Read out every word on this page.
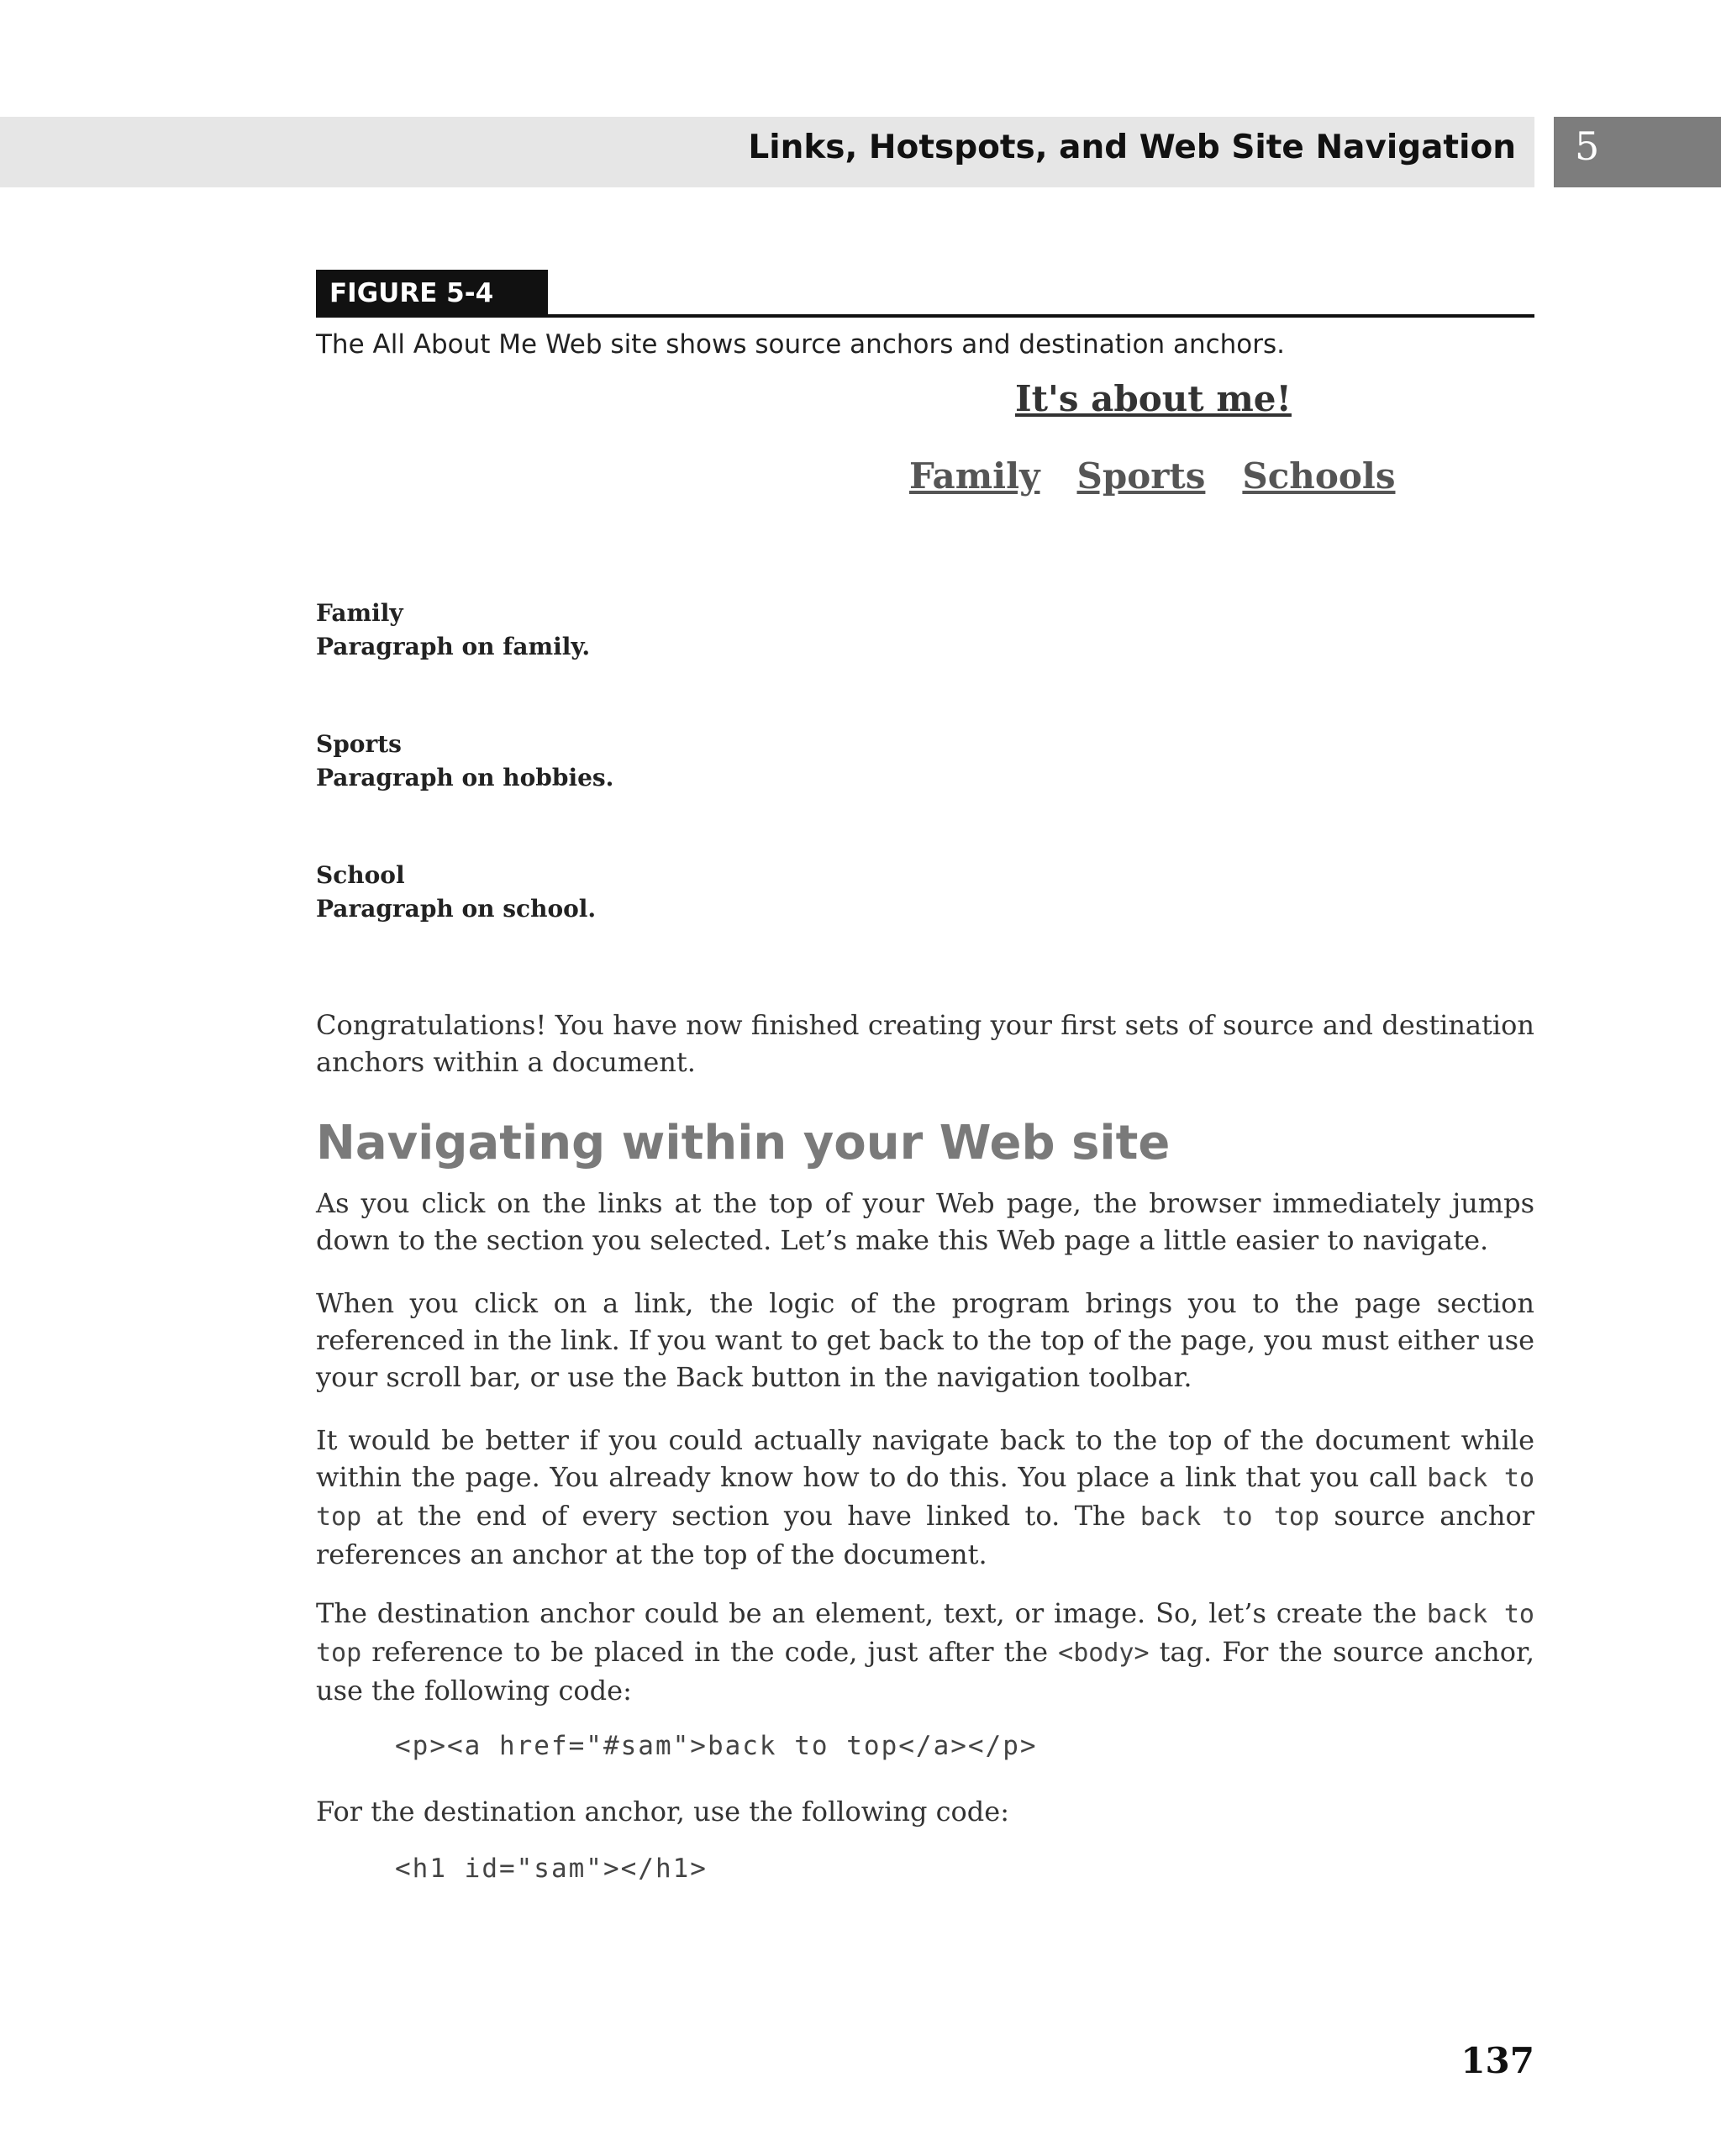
Links, Hotspots, and Web Site Navigation 5
FIGURE 5-4
The All About Me Web site shows source anchors and destination anchors.
It's about me!
Family Sports Schools
Family
Paragraph on family.
Sports
Paragraph on hobbies.
School
Paragraph on school.
Congratulations! You have now finished creating your first sets of source and destination anchors within a document.
Navigating within your Web site
As you click on the links at the top of your Web page, the browser immediately jumps down to the section you selected. Let’s make this Web page a little easier to navigate.
When you click on a link, the logic of the program brings you to the page section referenced in the link. If you want to get back to the top of the page, you must either use your scroll bar, or use the Back button in the navigation toolbar.
It would be better if you could actually navigate back to the top of the document while within the page. You already know how to do this. You place a link that you call back to top at the end of every section you have linked to. The back to top source anchor references an anchor at the top of the document.
The destination anchor could be an element, text, or image. So, let’s create the back to top reference to be placed in the code, just after the <body> tag. For the source anchor, use the following code:
<p><a href="#sam">back to top</a></p>
For the destination anchor, use the following code:
<h1 id="sam"></h1>
137
